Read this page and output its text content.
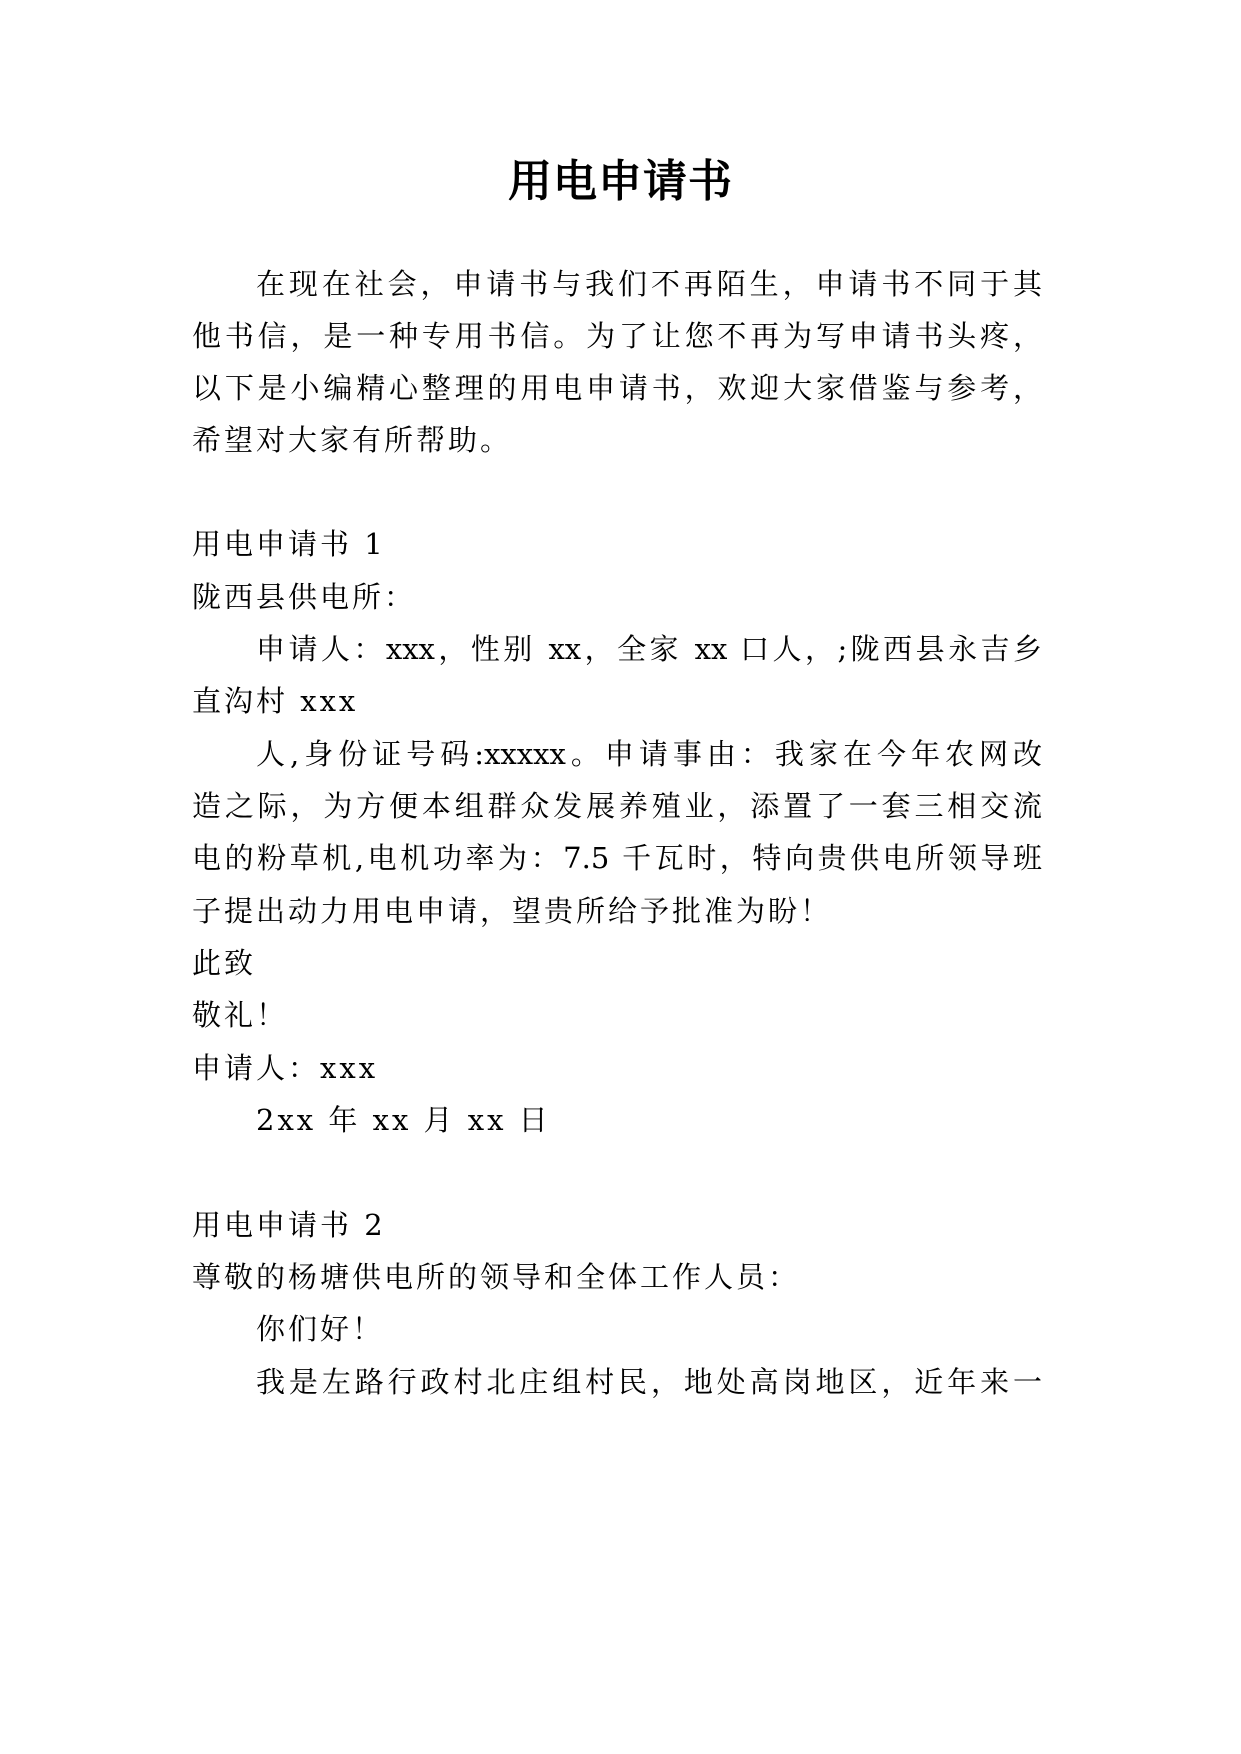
用电申请书
在现在社会，申请书与我们不再陌生，申请书不同于其
他书信，是一种专用书信。为了让您不再为写申请书头疼，
以下是小编精心整理的用电申请书，欢迎大家借鉴与参考，
希望对大家有所帮助。
用电申请书 1
陇西县供电所：
申请人：xxx，性别 xx，全家 xx 口人，;陇西县永吉乡
直沟村 xxx
人,身份证号码:xxxxx。申请事由：我家在今年农网改
造之际，为方便本组群众发展养殖业，添置了一套三相交流
电的粉草机,电机功率为：7.5 千瓦时，特向贵供电所领导班
子提出动力用电申请，望贵所给予批准为盼！
此致
敬礼！
申请人：xxx
2xx 年 xx 月 xx 日
用电申请书 2
尊敬的杨塘供电所的领导和全体工作人员：
你们好！
我是左路行政村北庄组村民，地处高岗地区，近年来一
